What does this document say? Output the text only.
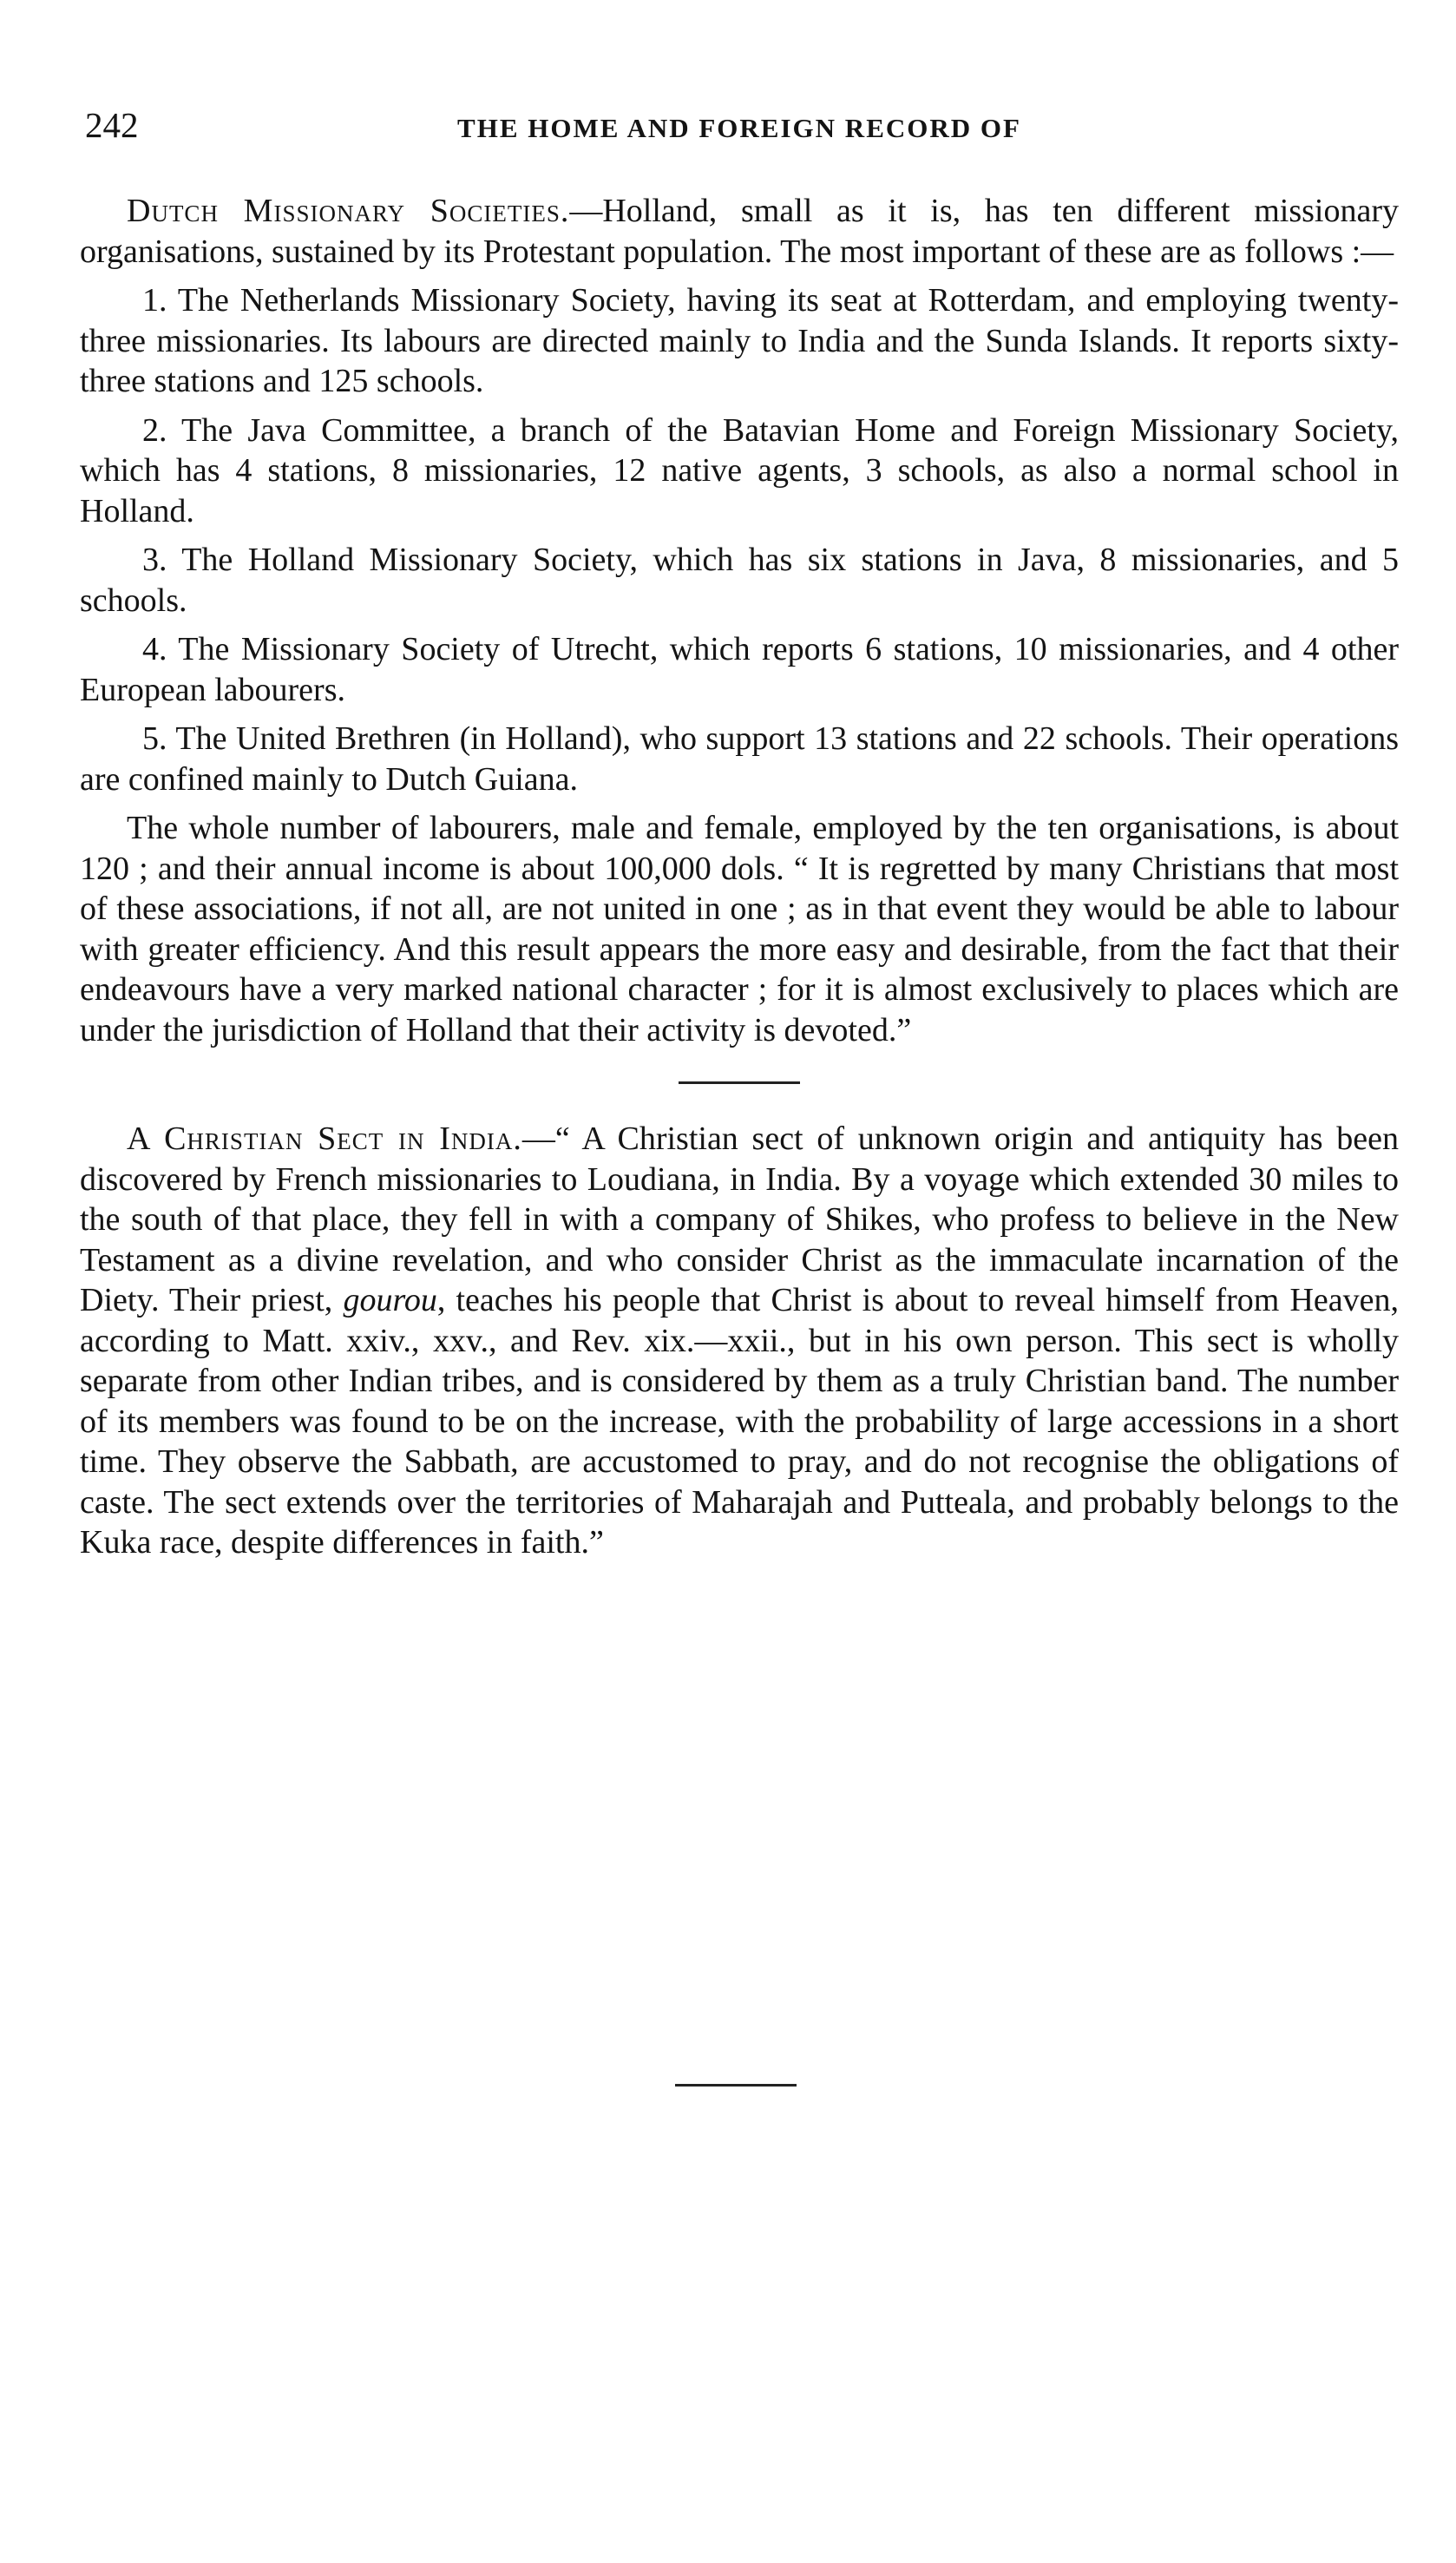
242	THE HOME AND FOREIGN RECORD OF

Dutch Missionary Societies.—Holland, small as it is, has ten different missionary organisations, sustained by its Protestant population. The most important of these are as follows :—

1. The Netherlands Missionary Society, having its seat at Rotterdam, and employing twenty-three missionaries. Its labours are directed mainly to India and the Sunda Islands. It reports sixty-three stations and 125 schools.

2. The Java Committee, a branch of the Batavian Home and Foreign Missionary Society, which has 4 stations, 8 missionaries, 12 native agents, 3 schools, as also a normal school in Holland.

3. The Holland Missionary Society, which has six stations in Java, 8 missionaries, and 5 schools.

4. The Missionary Society of Utrecht, which reports 6 stations, 10 missionaries, and 4 other European labourers.

5. The United Brethren (in Holland), who support 13 stations and 22 schools. Their operations are confined mainly to Dutch Guiana.

The whole number of labourers, male and female, employed by the ten organisations, is about 120 ; and their annual income is about 100,000 dols. “ It is regretted by many Christians that most of these associations, if not all, are not united in one ; as in that event they would be able to labour with greater efficiency. And this result appears the more easy and desirable, from the fact that their endeavours have a very marked national character ; for it is almost exclusively to places which are under the jurisdiction of Holland that their activity is devoted.”

A Christian Sect in India.—“ A Christian sect of unknown origin and antiquity has been discovered by French missionaries to Loudiana, in India. By a voyage which extended 30 miles to the south of that place, they fell in with a company of Shikes, who profess to believe in the New Testament as a divine revelation, and who consider Christ as the immaculate incarnation of the Diety. Their priest, gourou, teaches his people that Christ is about to reveal himself from Heaven, according to Matt. xxiv., xxv., and Rev. xix.—xxii., but in his own person. This sect is wholly separate from other Indian tribes, and is considered by them as a truly Christian band. The number of its members was found to be on the increase, with the probability of large accessions in a short time. They observe the Sabbath, are accustomed to pray, and do not recognise the obligations of caste. The sect extends over the territories of Maharajah and Putteala, and probably belongs to the Kuka race, despite differences in faith.”
